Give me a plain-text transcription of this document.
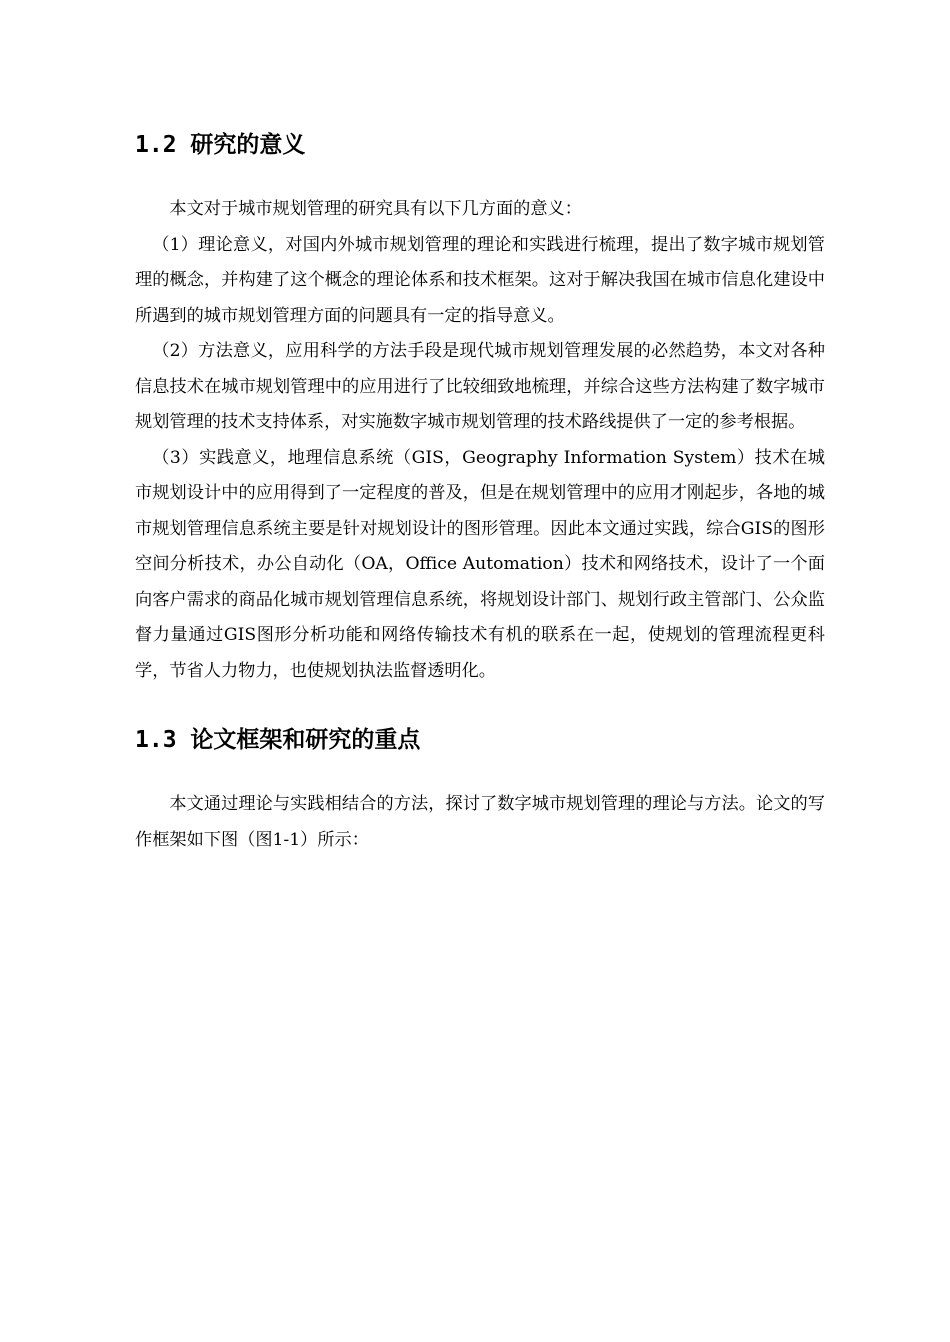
1.2 研究的意义

本文对于城市规划管理的研究具有以下几方面的意义：

（1）理论意义，对国内外城市规划管理的理论和实践进行梳理，提出了数字城市规划管理的概念，并构建了这个概念的理论体系和技术框架。这对于解决我国在城市信息化建设中所遇到的城市规划管理方面的问题具有一定的指导意义。

（2）方法意义，应用科学的方法手段是现代城市规划管理发展的必然趋势，本文对各种信息技术在城市规划管理中的应用进行了比较细致地梳理，并综合这些方法构建了数字城市规划管理的技术支持体系，对实施数字城市规划管理的技术路线提供了一定的参考根据。

（3）实践意义，地理信息系统（GIS，Geography Information System）技术在城市规划设计中的应用得到了一定程度的普及，但是在规划管理中的应用才刚起步，各地的城市规划管理信息系统主要是针对规划设计的图形管理。因此本文通过实践，综合GIS的图形空间分析技术，办公自动化（OA，Office Automation）技术和网络技术，设计了一个面向客户需求的商品化城市规划管理信息系统，将规划设计部门、规划行政主管部门、公众监督力量通过GIS图形分析功能和网络传输技术有机的联系在一起，使规划的管理流程更科学，节省人力物力，也使规划执法监督透明化。

1.3 论文框架和研究的重点

本文通过理论与实践相结合的方法，探讨了数字城市规划管理的理论与方法。论文的写作框架如下图（图1-1）所示：
